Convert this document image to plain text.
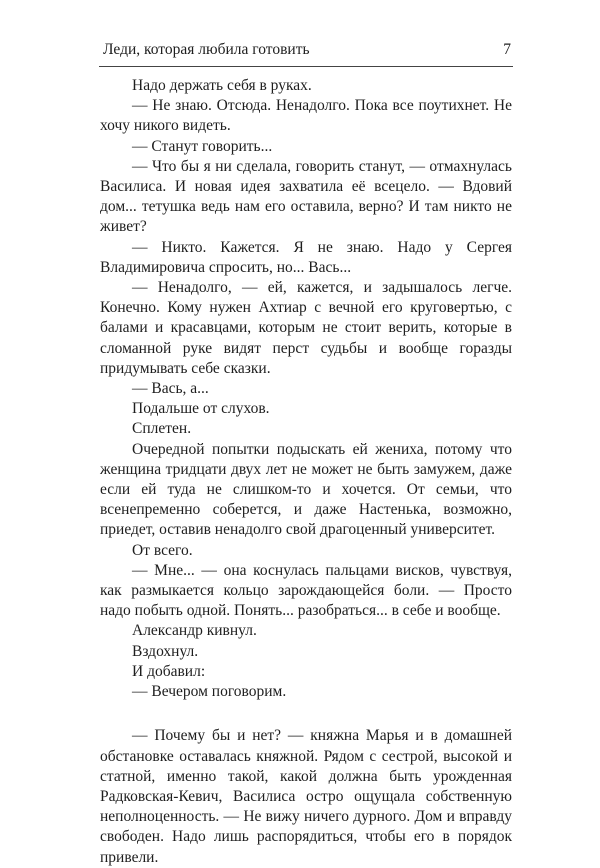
Леди, которая любила готовить	7

Надо держать себя в руках.

— Не знаю. Отсюда. Ненадолго. Пока все поутихнет. Не хочу никого видеть.

— Станут говорить...

— Что бы я ни сделала, говорить станут, — отмахнулась Василиса. И новая идея захватила её всецело. — Вдовий дом... тетушка ведь нам его оставила, верно? И там никто не живет?

— Никто. Кажется. Я не знаю. Надо у Сергея Владимировича спросить, но... Вась...

— Ненадолго, — ей, кажется, и задышалось легче. Конечно. Кому нужен Ахтиар с вечной его круговертью, с балами и красавцами, которым не стоит верить, которые в сломанной руке видят перст судьбы и вообще горазды придумывать себе сказки.

— Вась, а...

Подальше от слухов.

Сплетен.

Очередной попытки подыскать ей жениха, потому что женщина тридцати двух лет не может не быть замужем, даже если ей туда не слишком-то и хочется. От семьи, что всенепременно соберется, и даже Настенька, возможно, приедет, оставив ненадолго свой драгоценный университет.

От всего.

— Мне... — она коснулась пальцами висков, чувствуя, как размыкается кольцо зарождающейся боли. — Просто надо побыть одной. Понять... разобраться... в себе и вообще.

Александр кивнул.

Вздохнул.

И добавил:

— Вечером поговорим.

— Почему бы и нет? — княжна Марья и в домашней обстановке оставалась княжной. Рядом с сестрой, высокой и статной, именно такой, какой должна быть урожденная Радковская-Кевич, Василиса остро ощущала собственную неполноценность. — Не вижу ничего дурного. Дом и вправду свободен. Надо лишь распорядиться, чтобы его в порядок привели.
